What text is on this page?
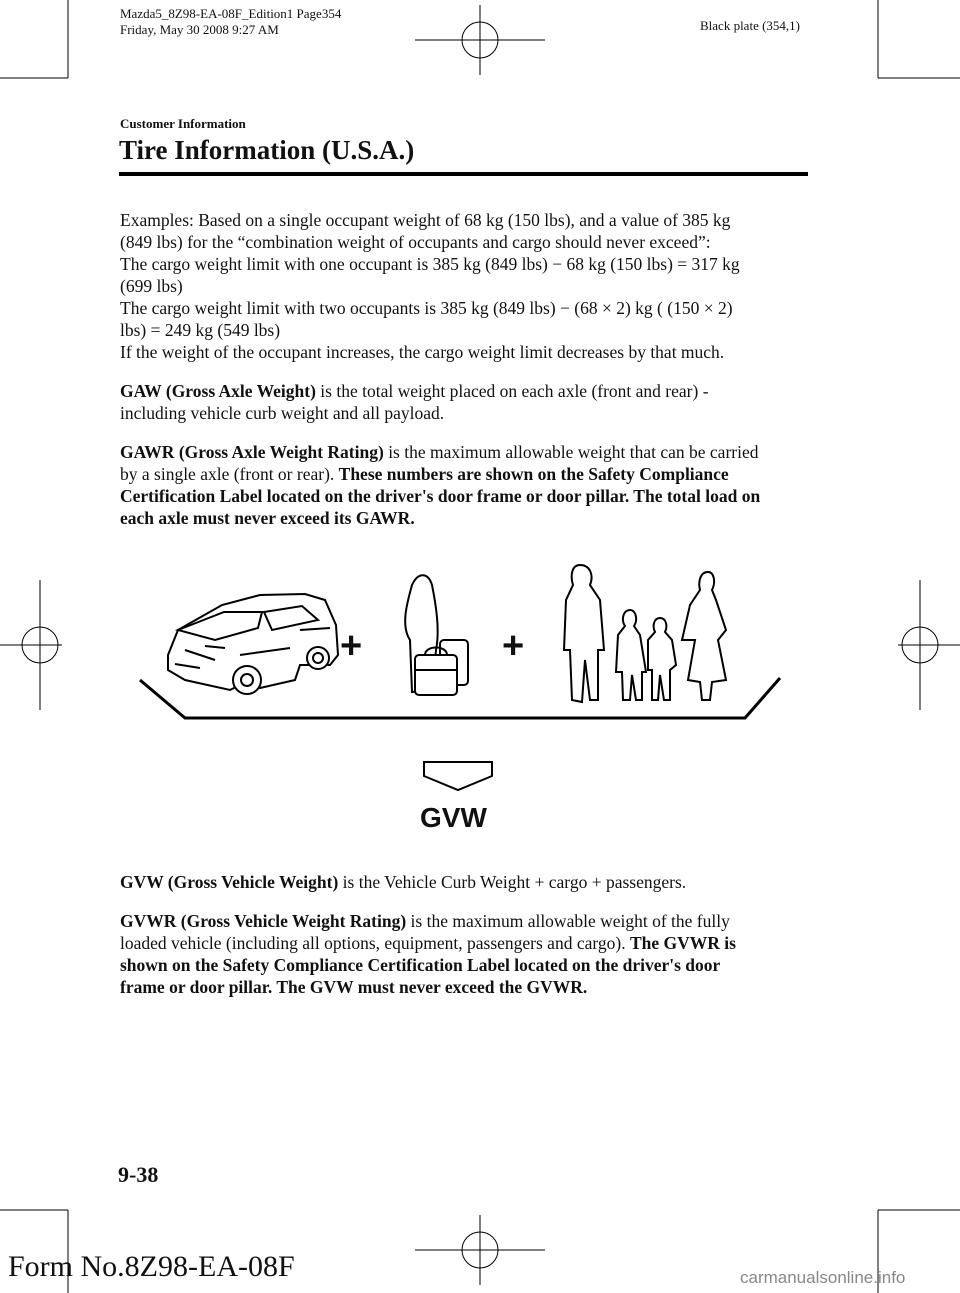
Mazda5_8Z98-EA-08F_Edition1 Page354
Friday, May 30 2008 9:27 AM	Black plate (354,1)
Customer Information
Tire Information (U.S.A.)
Examples: Based on a single occupant weight of 68 kg (150 lbs), and a value of 385 kg
(849 lbs) for the “combination weight of occupants and cargo should never exceed”:
The cargo weight limit with one occupant is 385 kg (849 lbs) − 68 kg (150 lbs) = 317 kg
(699 lbs)
The cargo weight limit with two occupants is 385 kg (849 lbs) − (68 × 2) kg ( (150 × 2)
lbs) = 249 kg (549 lbs)
If the weight of the occupant increases, the cargo weight limit decreases by that much.
GAW (Gross Axle Weight) is the total weight placed on each axle (front and rear) -
including vehicle curb weight and all payload.
GAWR (Gross Axle Weight Rating) is the maximum allowable weight that can be carried
by a single axle (front or rear). These numbers are shown on the Safety Compliance
Certification Label located on the driver's door frame or door pillar. The total load on
each axle must never exceed its GAWR.
+	+
GVW
GVW (Gross Vehicle Weight) is the Vehicle Curb Weight + cargo + passengers.
GVWR (Gross Vehicle Weight Rating) is the maximum allowable weight of the fully
loaded vehicle (including all options, equipment, passengers and cargo). The GVWR is
shown on the Safety Compliance Certification Label located on the driver's door
frame or door pillar. The GVW must never exceed the GVWR.
9-38
Form No.8Z98-EA-08F	carmanualsonline.info
